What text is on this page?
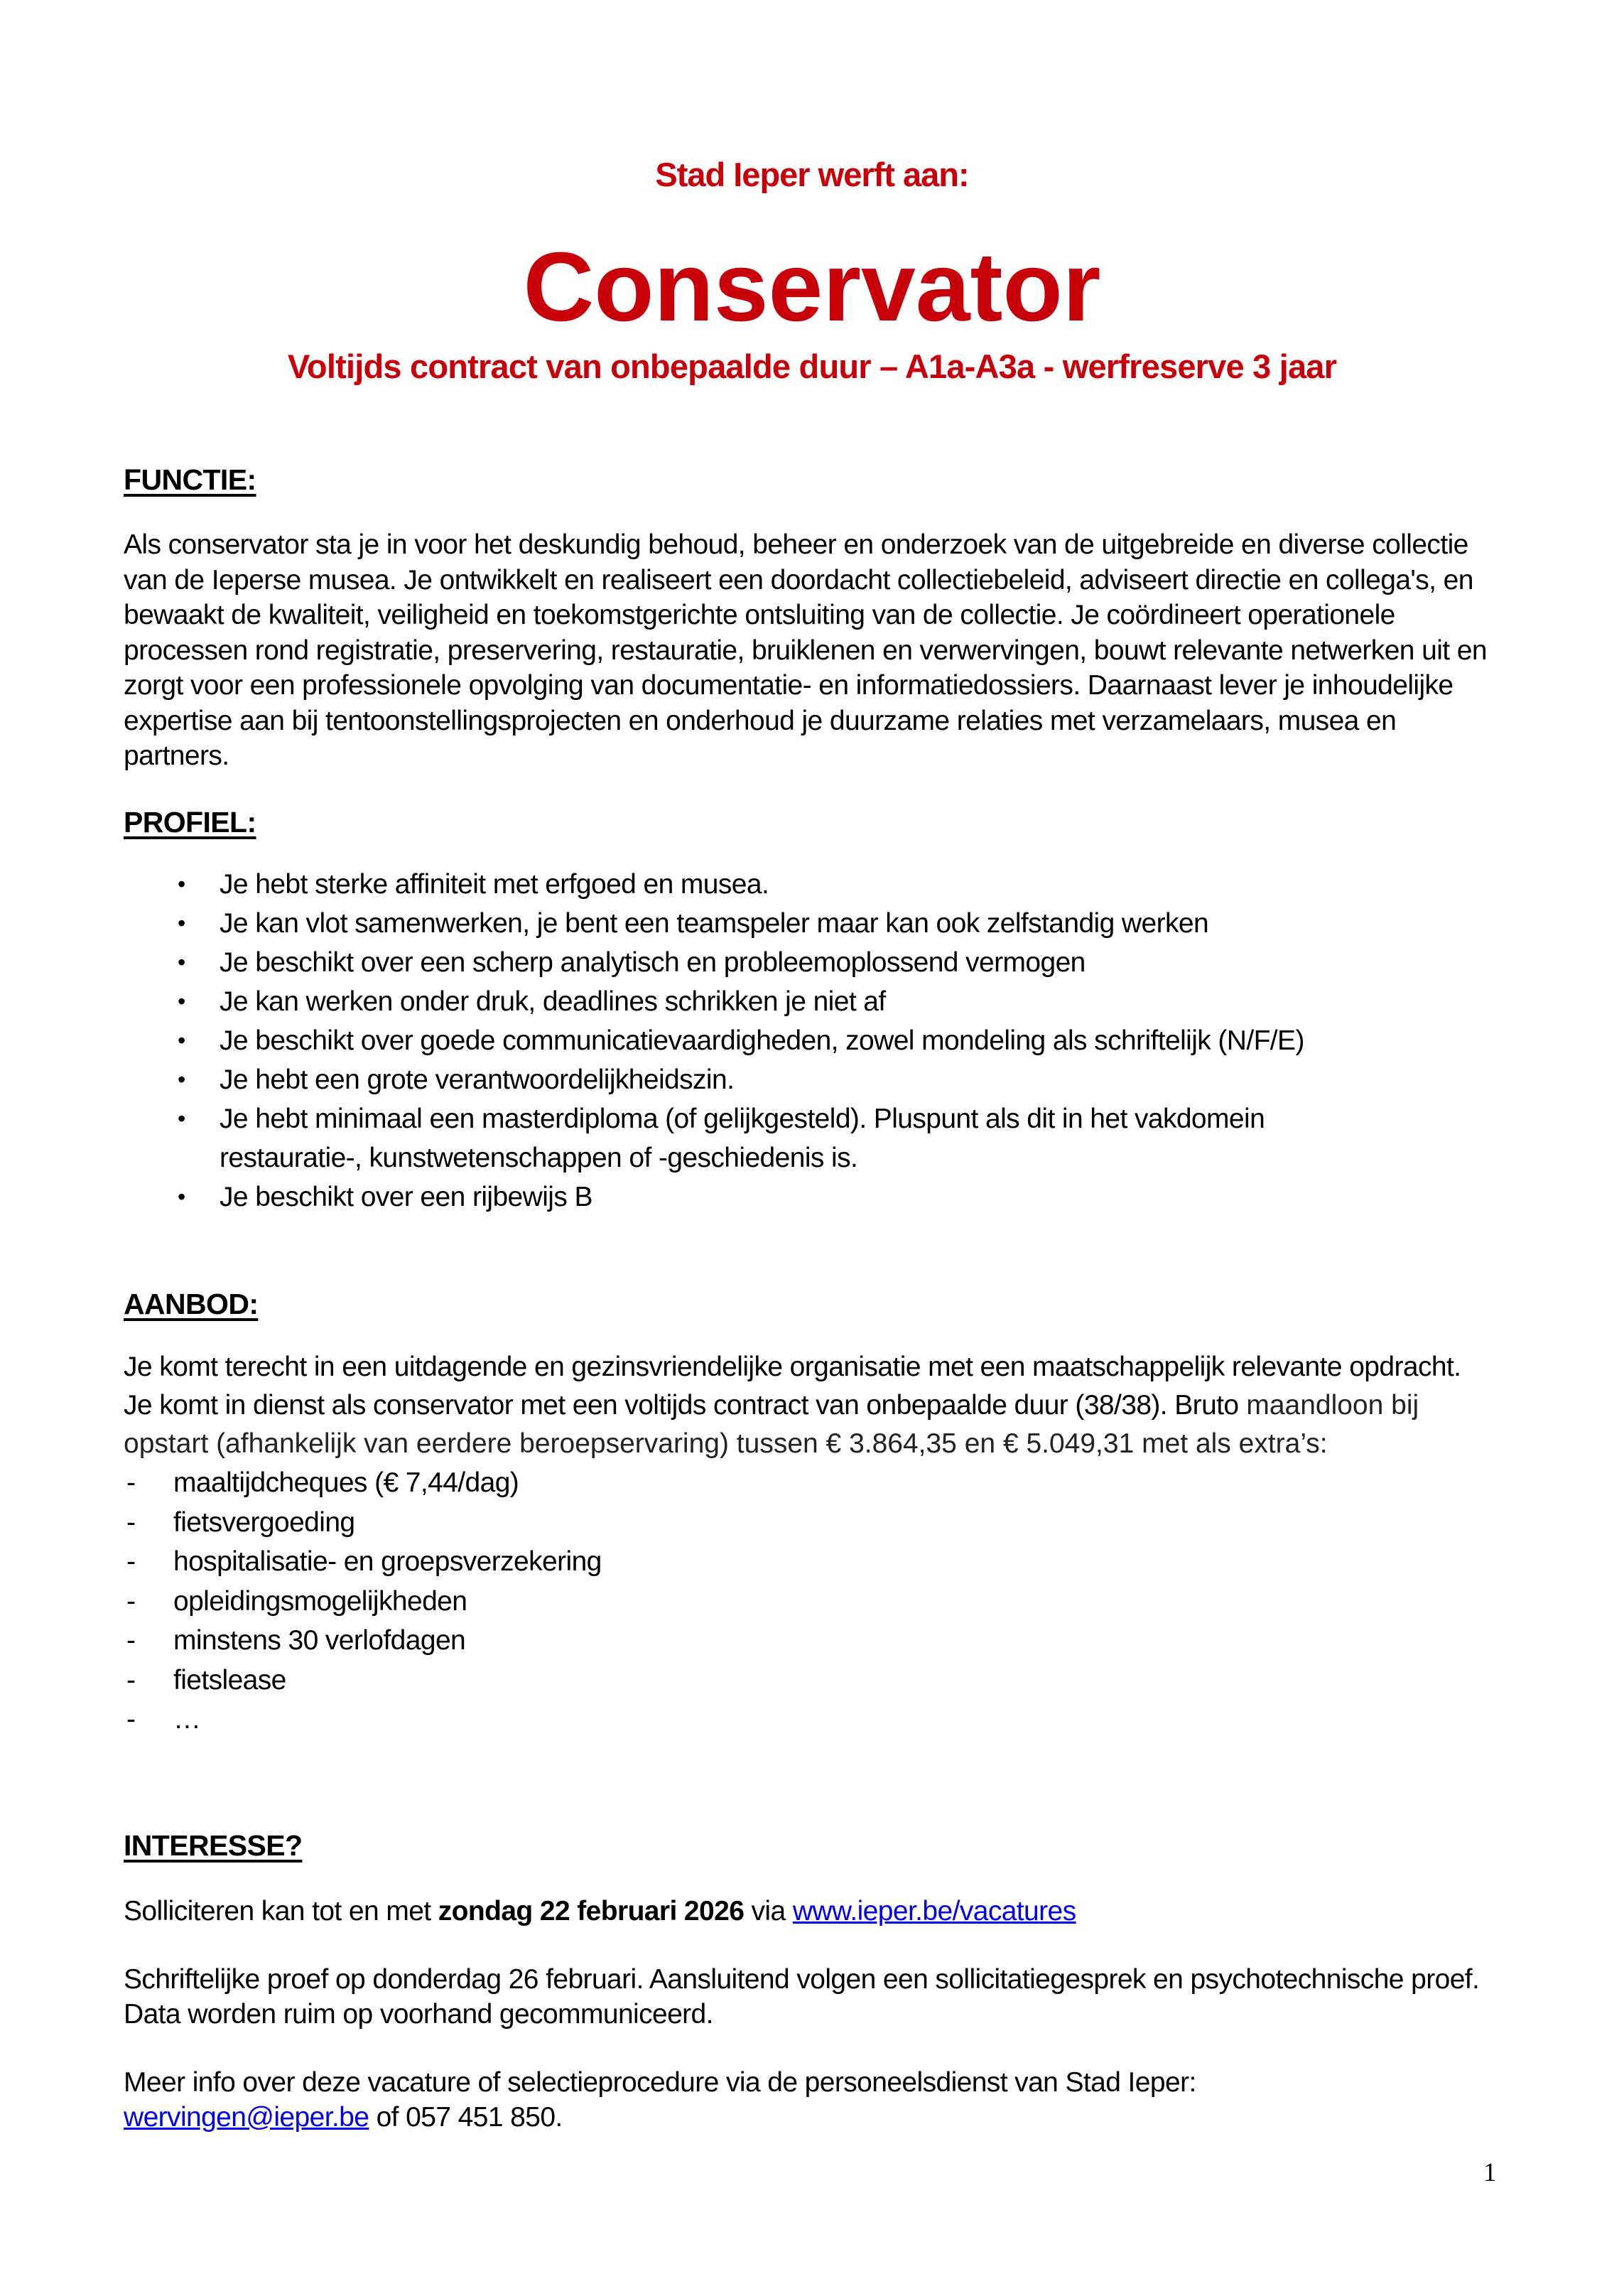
Stad Ieper werft aan:
Conservator
Voltijds contract van onbepaalde duur – A1a-A3a - werfreserve 3 jaar
FUNCTIE:

Als conservator sta je in voor het deskundig behoud, beheer en onderzoek van de uitgebreide en diverse collectie van de Ieperse musea. Je ontwikkelt en realiseert een doordacht collectiebeleid, adviseert directie en collega's, en bewaakt de kwaliteit, veiligheid en toekomstgerichte ontsluiting van de collectie. Je coördineert operationele processen rond registratie, preservering, restauratie, bruiklenen en verwervingen, bouwt relevante netwerken uit en zorgt voor een professionele opvolging van documentatie- en informatiedossiers. Daarnaast lever je inhoudelijke expertise aan bij tentoonstellingsprojecten en onderhoud je duurzame relaties met verzamelaars, musea en partners.

PROFIEL:
• Je hebt sterke affiniteit met erfgoed en musea.
• Je kan vlot samenwerken, je bent een teamspeler maar kan ook zelfstandig werken
• Je beschikt over een scherp analytisch en probleemoplossend vermogen
• Je kan werken onder druk, deadlines schrikken je niet af
• Je beschikt over goede communicatievaardigheden, zowel mondeling als schriftelijk (N/F/E)
• Je hebt een grote verantwoordelijkheidszin.
• Je hebt minimaal een masterdiploma (of gelijkgesteld). Pluspunt als dit in het vakdomein restauratie-, kunstwetenschappen of -geschiedenis is.
• Je beschikt over een rijbewijs B
AANBOD:

Je komt terecht in een uitdagende en gezinsvriendelijke organisatie met een maatschappelijk relevante opdracht. Je komt in dienst als conservator met een voltijds contract van onbepaalde duur (38/38). Bruto maandloon bij opstart (afhankelijk van eerdere beroepservaring) tussen € 3.864,35 en € 5.049,31 met als extra’s:

- maaltijdcheques (€ 7,44/dag)
- fietsvergoeding
- hospitalisatie- en groepsverzekering
- opleidingsmogelijkheden
- minstens 30 verlofdagen
- fietslease
- …
INTERESSE?

Solliciteren kan tot en met zondag 22 februari 2026 via www.ieper.be/vacatures

Schriftelijke proef op donderdag 26 februari. Aansluitend volgen een sollicitatiegesprek en psychotechnische proef. Data worden ruim op voorhand gecommuniceerd.

Meer info over deze vacature of selectieprocedure via de personeelsdienst van Stad Ieper:
wervingen@ieper.be of 057 451 850.

1
